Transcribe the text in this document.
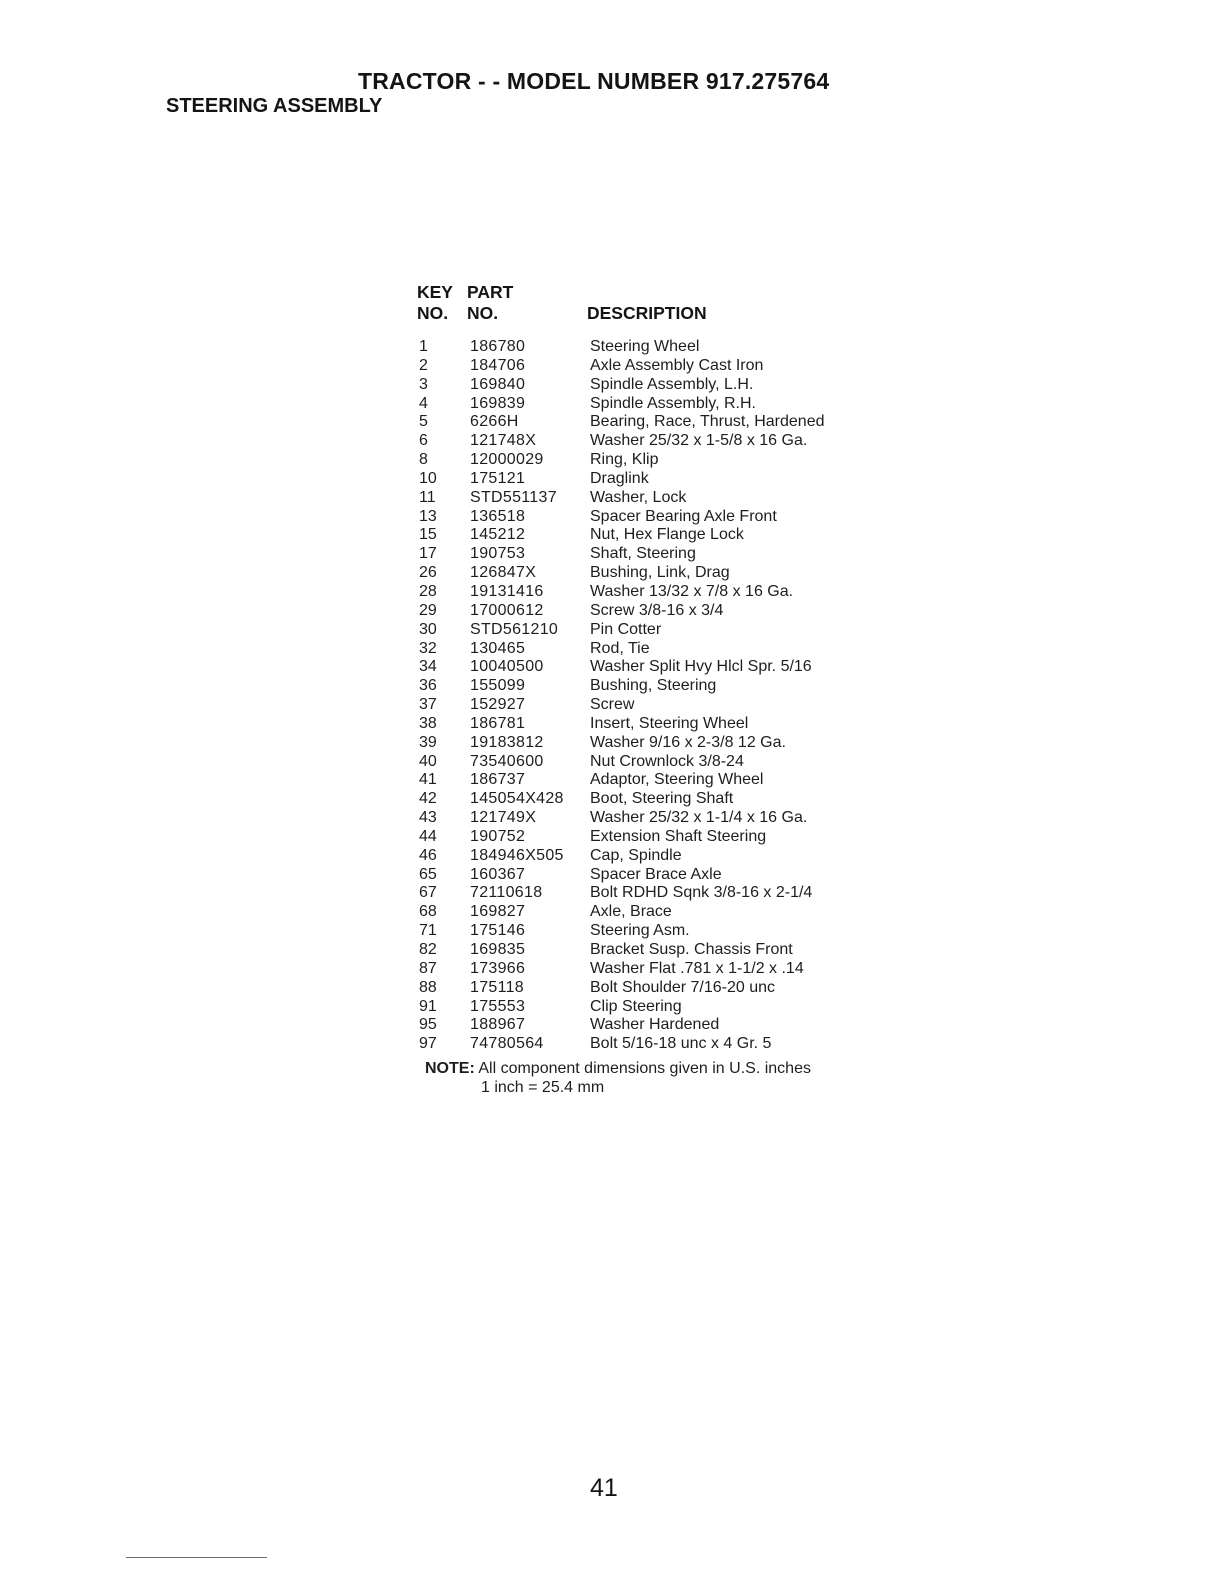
TRACTOR - - MODEL NUMBER 917.275764
STEERING ASSEMBLY
KEY PART
NO. NO.	DESCRIPTION
1	186780	Steering Wheel
2	184706	Axle Assembly Cast Iron
3	169840	Spindle Assembly, L.H.
4	169839	Spindle Assembly, R.H.
5	6266H	Bearing, Race, Thrust, Hardened
6	121748X	Washer 25/32 x 1-5/8 x 16 Ga.
8	12000029	Ring, Klip
10 175121	Draglink
11 STD551137 Washer, Lock
13 136518	Spacer Bearing Axle Front
15 145212	Nut, Hex Flange Lock
17 190753	Shaft, Steering
26 126847X	Bushing, Link, Drag
28 19131416	Washer 13/32 x 7/8 x 16 Ga.
29 17000612	Screw 3/8-16 x 3/4
30 STD561210 Pin Cotter
32 130465	Rod, Tie
34 10040500	Washer Split Hvy Hlcl Spr. 5/16
36 155099	Bushing, Steering
37 152927	Screw
38 186781	Insert, Steering Wheel
39 19183812	Washer 9/16 x 2-3/8 12 Ga.
40 73540600	Nut Crownlock 3/8-24
41 186737	Adaptor, Steering Wheel
42 145054X428 Boot, Steering Shaft
43 121749X	Washer 25/32 x 1-1/4 x 16 Ga.
44 190752	Extension Shaft Steering
46 184946X505 Cap, Spindle
65 160367	Spacer Brace Axle
67 72110618	Bolt RDHD Sqnk 3/8-16 x 2-1/4
68 169827	Axle, Brace
71 175146	Steering Asm.
82 169835	Bracket Susp. Chassis Front
87 173966	Washer Flat .781 x 1-1/2 x .14
88 175118	Bolt Shoulder 7/16-20 unc
91 175553	Clip Steering
95 188967	Washer Hardened
97 74780564	Bolt 5/16-18 unc x 4 Gr. 5
NOTE: All component dimensions given in U.S. inches
1 inch = 25.4 mm
41
